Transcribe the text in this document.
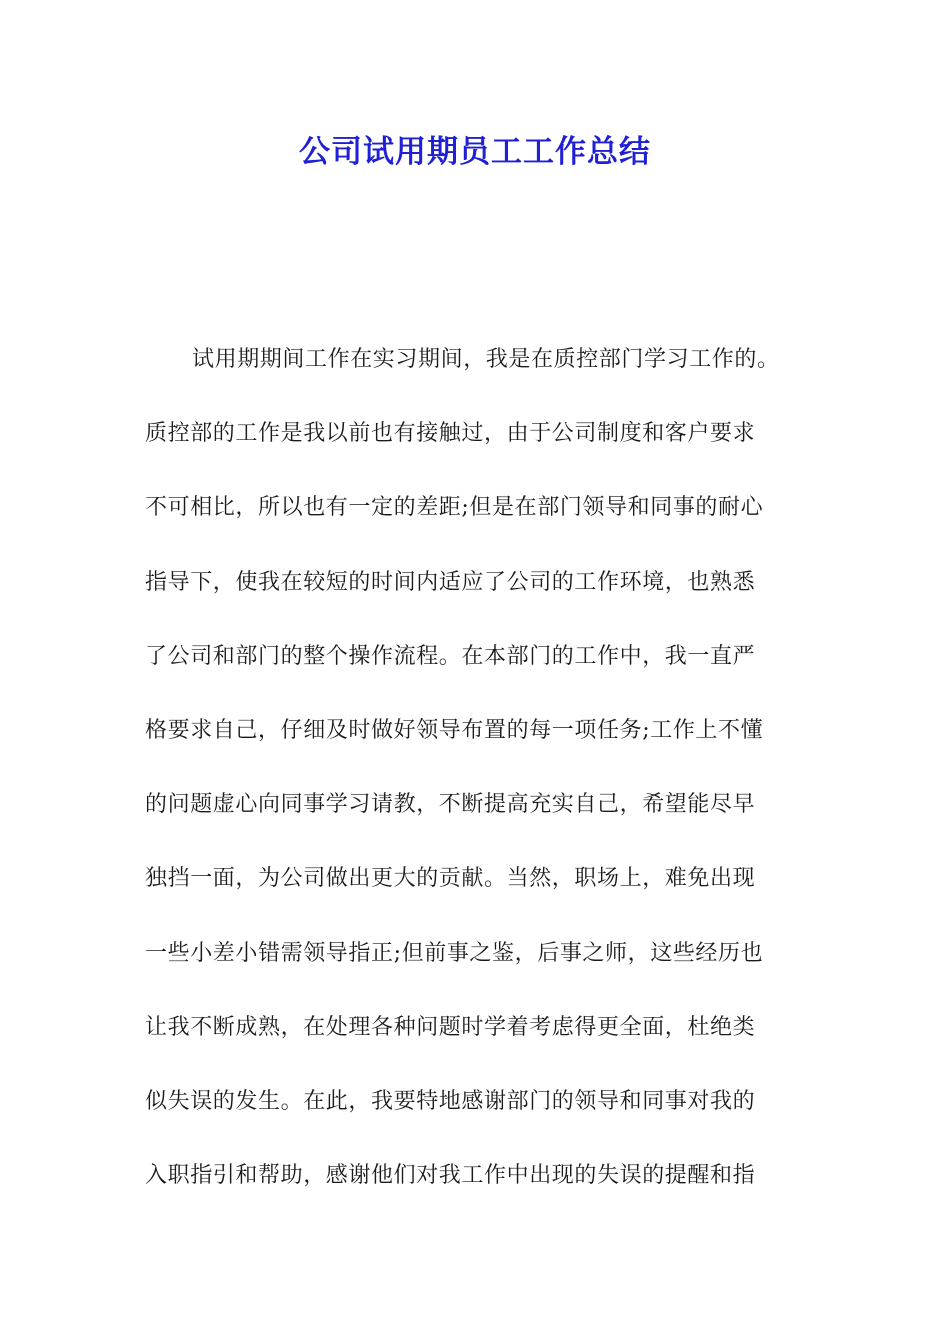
公司试用期员工工作总结
试用期期间工作在实习期间，我是在质控部门学习工作的。
质控部的工作是我以前也有接触过，由于公司制度和客户要求
不可相比，所以也有一定的差距;但是在部门领导和同事的耐心
指导下，使我在较短的时间内适应了公司的工作环境，也熟悉
了公司和部门的整个操作流程。在本部门的工作中，我一直严
格要求自己，仔细及时做好领导布置的每一项任务;工作上不懂
的问题虚心向同事学习请教，不断提高充实自己，希望能尽早
独挡一面，为公司做出更大的贡献。当然，职场上，难免出现
一些小差小错需领导指正;但前事之鉴，后事之师，这些经历也
让我不断成熟，在处理各种问题时学着考虑得更全面，杜绝类
似失误的发生。在此，我要特地感谢部门的领导和同事对我的
入职指引和帮助，感谢他们对我工作中出现的失误的提醒和指
